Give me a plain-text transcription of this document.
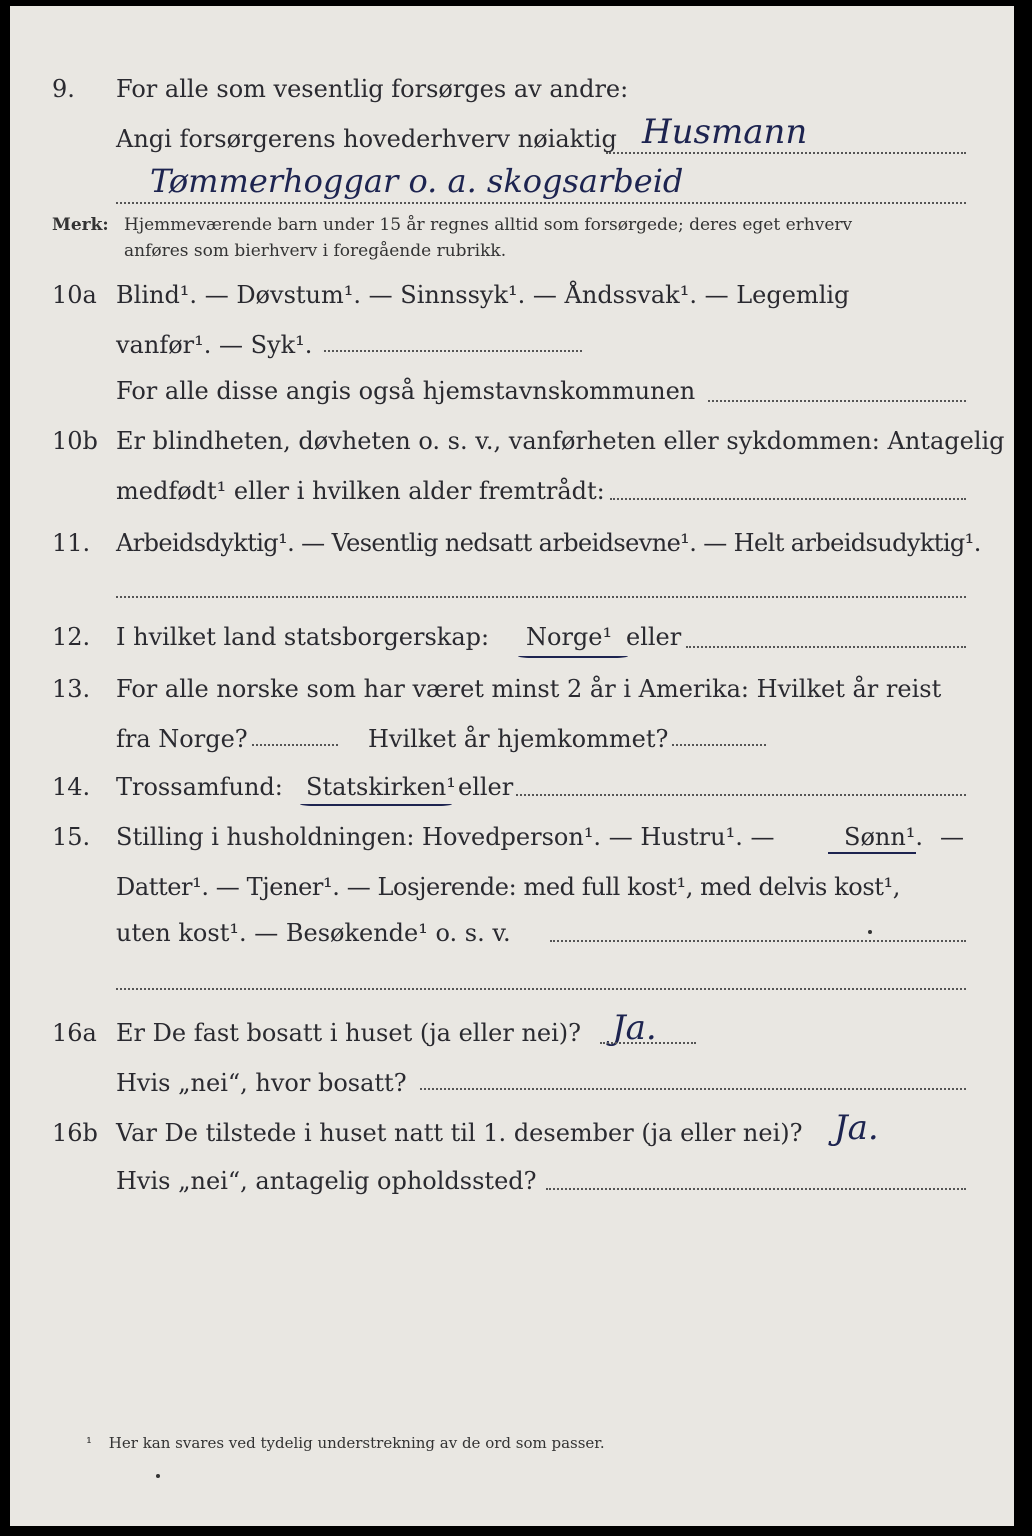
9. For alle som vesentlig forsørges av andre:
Angi forsørgerens hovederhverv nøiaktig Husmann
Tømmerhoggar o. a. skogsarbeid
Merk: Hjemmeværende barn under 15 år regnes alltid som forsørgede; deres eget erhverv
anføres som bierhverv i foregående rubrikk.
10a Blind¹. — Døvstum¹. — Sinnssyk¹. — Åndssvak¹. — Legemlig
vanfør¹. — Syk¹.
For alle disse angis også hjemstavnskommunen
10b Er blindheten, døvheten o. s. v., vanførheten eller sykdommen: Antagelig
medfødt¹ eller i hvilken alder fremtrådt:
11. Arbeidsdyktig¹. — Vesentlig nedsatt arbeidsevne¹. — Helt arbeidsudyktig¹.
12. I hvilket land statsborgerskap: Norge¹ eller
13. For alle norske som har været minst 2 år i Amerika: Hvilket år reist
fra Norge?	Hvilket år hjemkommet?
14. Trossamfund: Statskirken¹ eller
15. Stilling i husholdningen: Hovedperson¹. — Hustru¹. —	Sønn¹. —
Datter¹. — Tjener¹. — Losjerende: med full kost¹, med delvis kost¹,
uten kost¹. — Besøkende¹ o. s. v.
16a Er De fast bosatt i huset (ja eller nei)? Ja.
Hvis „nei“, hvor bosatt?
16b Var De tilstede i huset natt til 1. desember (ja eller nei)? Ja.
Hvis „nei“, antagelig opholdssted?
¹ Her kan svares ved tydelig understrekning av de ord som passer.
